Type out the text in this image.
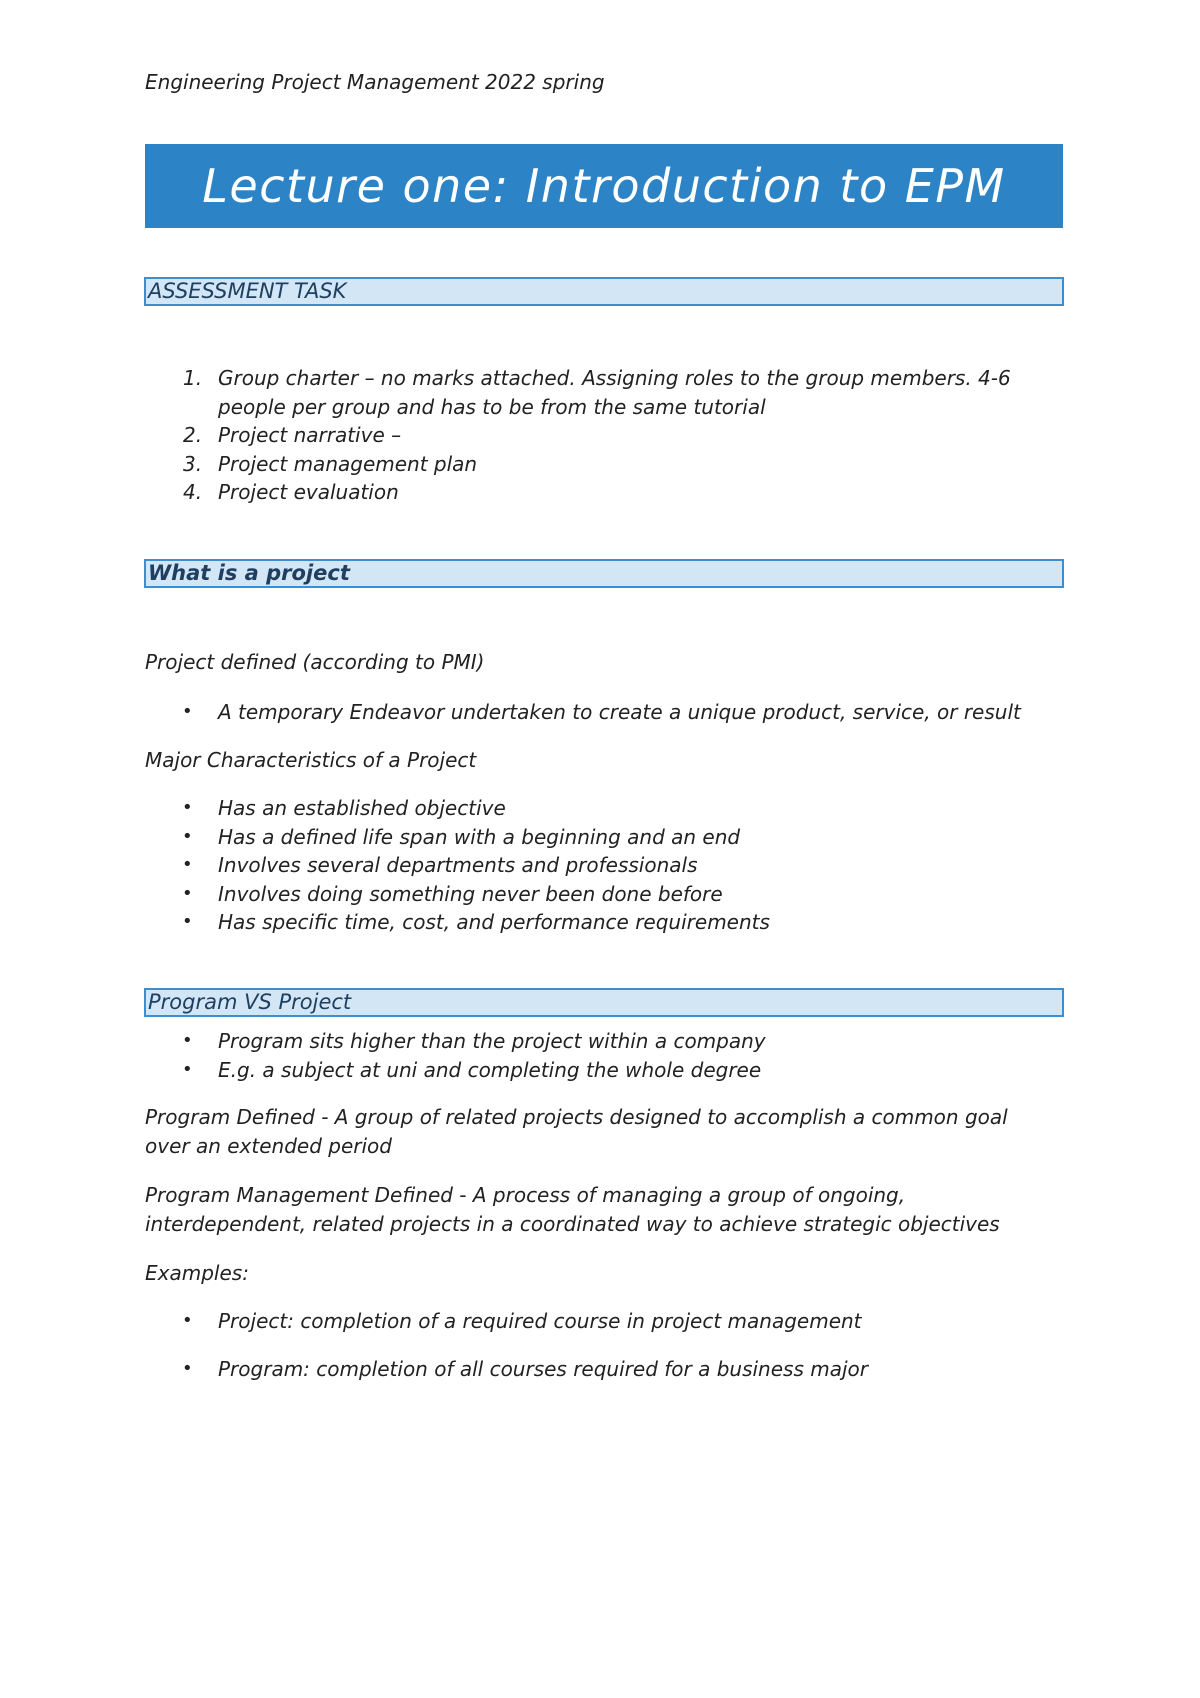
Engineering Project Management 2022 spring
Lecture one: Introduction to EPM
ASSESSMENT TASK
1. Group charter – no marks attached. Assigning roles to the group members. 4-6
people per group and has to be from the same tutorial
2. Project narrative –
3. Project management plan
4. Project evaluation
What is a project
Project defined (according to PMI)
• A temporary Endeavor undertaken to create a unique product, service, or result
Major Characteristics of a Project
• Has an established objective
• Has a defined life span with a beginning and an end
• Involves several departments and professionals
• Involves doing something never been done before
• Has specific time, cost, and performance requirements
Program VS Project
• Program sits higher than the project within a company
• E.g. a subject at uni and completing the whole degree
Program Defined - A group of related projects designed to accomplish a common goal
over an extended period
Program Management Defined - A process of managing a group of ongoing,
interdependent, related projects in a coordinated way to achieve strategic objectives
Examples:
• Project: completion of a required course in project management
• Program: completion of all courses required for a business major
